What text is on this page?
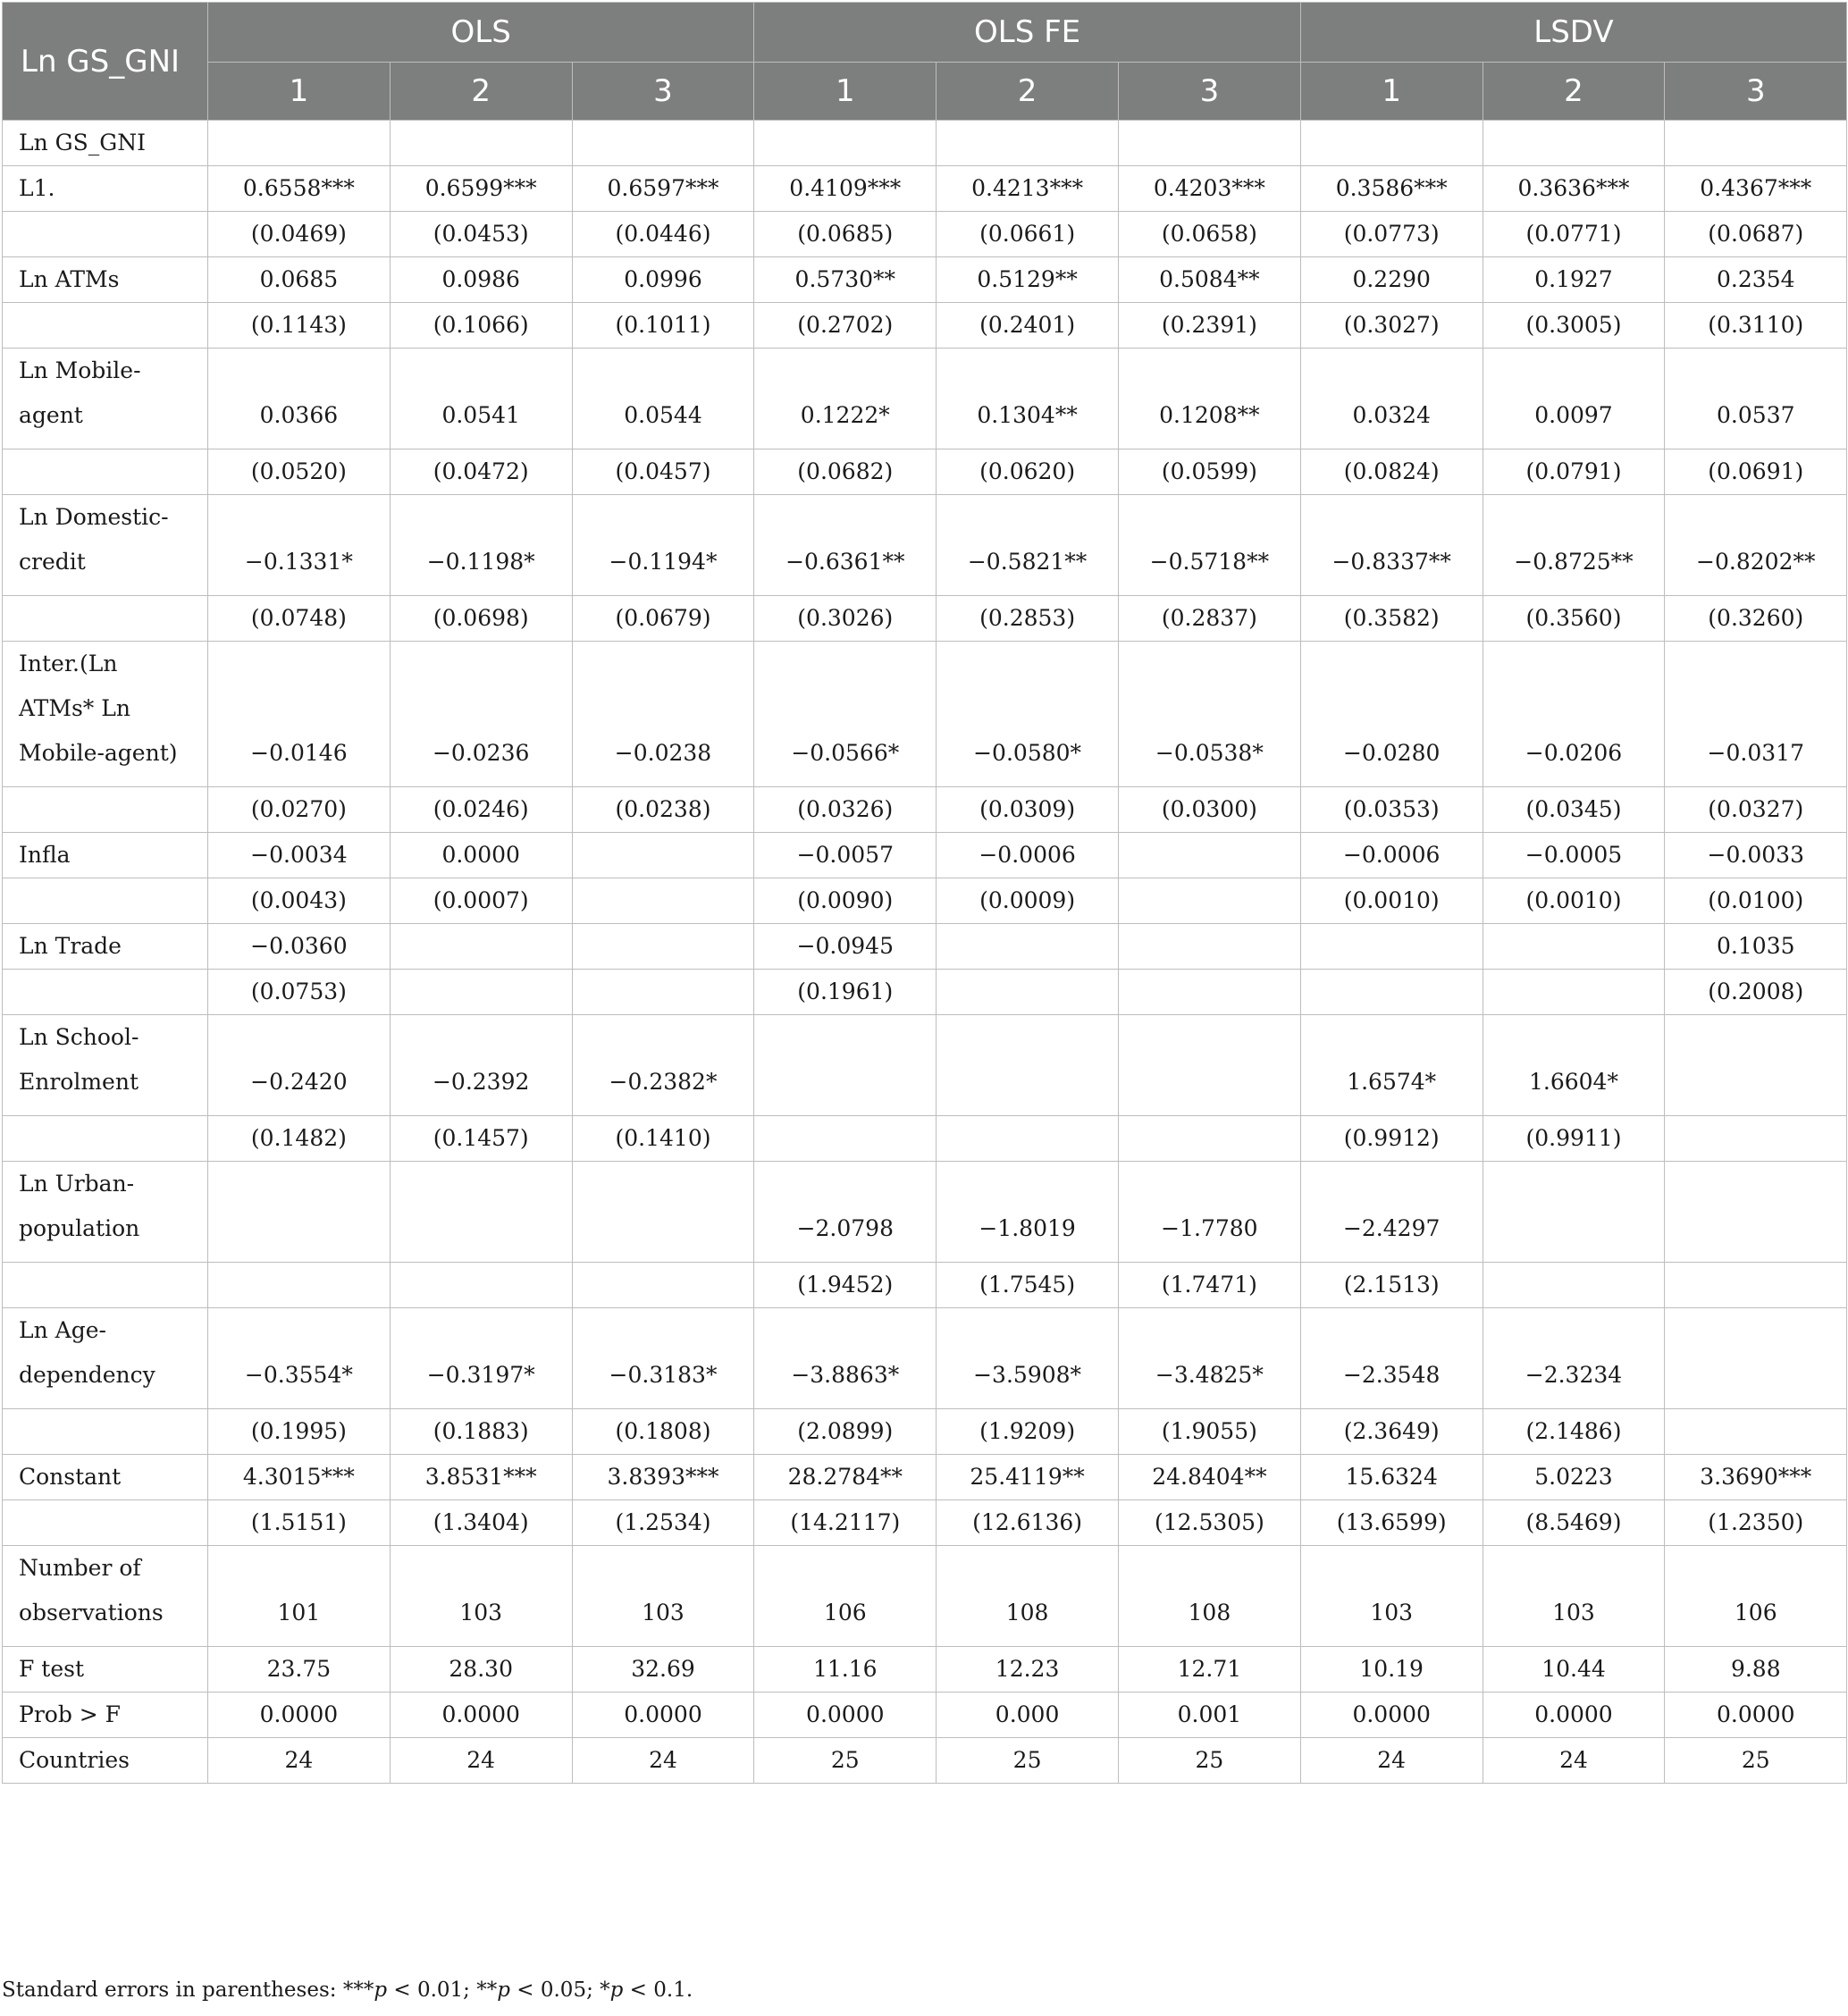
Ln GS_GNI	OLS			OLS FE			LSDV		
	1	2	3	1	2	3	1	2	3
Ln GS_GNI									
L1.	0.6558***	0.6599***	0.6597***	0.4109***	0.4213***	0.4203***	0.3586***	0.3636***	0.4367***
	(0.0469)	(0.0453)	(0.0446)	(0.0685)	(0.0661)	(0.0658)	(0.0773)	(0.0771)	(0.0687)
Ln ATMs	0.0685	0.0986	0.0996	0.5730**	0.5129**	0.5084**	0.2290	0.1927	0.2354
	(0.1143)	(0.1066)	(0.1011)	(0.2702)	(0.2401)	(0.2391)	(0.3027)	(0.3005)	(0.3110)
Ln Mobile-
agent	0.0366	0.0541	0.0544	0.1222*	0.1304**	0.1208**	0.0324	0.0097	0.0537
	(0.0520)	(0.0472)	(0.0457)	(0.0682)	(0.0620)	(0.0599)	(0.0824)	(0.0791)	(0.0691)
Ln Domestic-
credit	−0.1331*	−0.1198*	−0.1194*	−0.6361**	−0.5821**	−0.5718**	−0.8337**	−0.8725**	−0.8202**
	(0.0748)	(0.0698)	(0.0679)	(0.3026)	(0.2853)	(0.2837)	(0.3582)	(0.3560)	(0.3260)
Inter.(Ln
ATMs* Ln
Mobile-agent)	−0.0146	−0.0236	−0.0238	−0.0566*	−0.0580*	−0.0538*	−0.0280	−0.0206	−0.0317
	(0.0270)	(0.0246)	(0.0238)	(0.0326)	(0.0309)	(0.0300)	(0.0353)	(0.0345)	(0.0327)
Infla	−0.0034	0.0000		−0.0057	−0.0006		−0.0006	−0.0005	−0.0033
	(0.0043)	(0.0007)		(0.0090)	(0.0009)		(0.0010)	(0.0010)	(0.0100)
Ln Trade	−0.0360			−0.0945					0.1035
	(0.0753)			(0.1961)					(0.2008)
Ln School-
Enrolment	−0.2420	−0.2392	−0.2382*				1.6574*	1.6604*	
	(0.1482)	(0.1457)	(0.1410)				(0.9912)	(0.9911)	
Ln Urban-
population				−2.0798	−1.8019	−1.7780	−2.4297		
				(1.9452)	(1.7545)	(1.7471)	(2.1513)		
Ln Age-
dependency	−0.3554*	−0.3197*	−0.3183*	−3.8863*	−3.5908*	−3.4825*	−2.3548	−2.3234	
	(0.1995)	(0.1883)	(0.1808)	(2.0899)	(1.9209)	(1.9055)	(2.3649)	(2.1486)	
Constant	4.3015***	3.8531***	3.8393***	28.2784**	25.4119**	24.8404**	15.6324	5.0223	3.3690***
	(1.5151)	(1.3404)	(1.2534)	(14.2117)	(12.6136)	(12.5305)	(13.6599)	(8.5469)	(1.2350)
Number of
observations	101	103	103	106	108	108	103	103	106
F test	23.75	28.30	32.69	11.16	12.23	12.71	10.19	10.44	9.88
Prob > F	0.0000	0.0000	0.0000	0.0000	0.000	0.001	0.0000	0.0000	0.0000
Countries	24	24	24	25	25	25	24	24	25
Standard errors in parentheses: ***p < 0.01; **p < 0.05; *p < 0.1.
